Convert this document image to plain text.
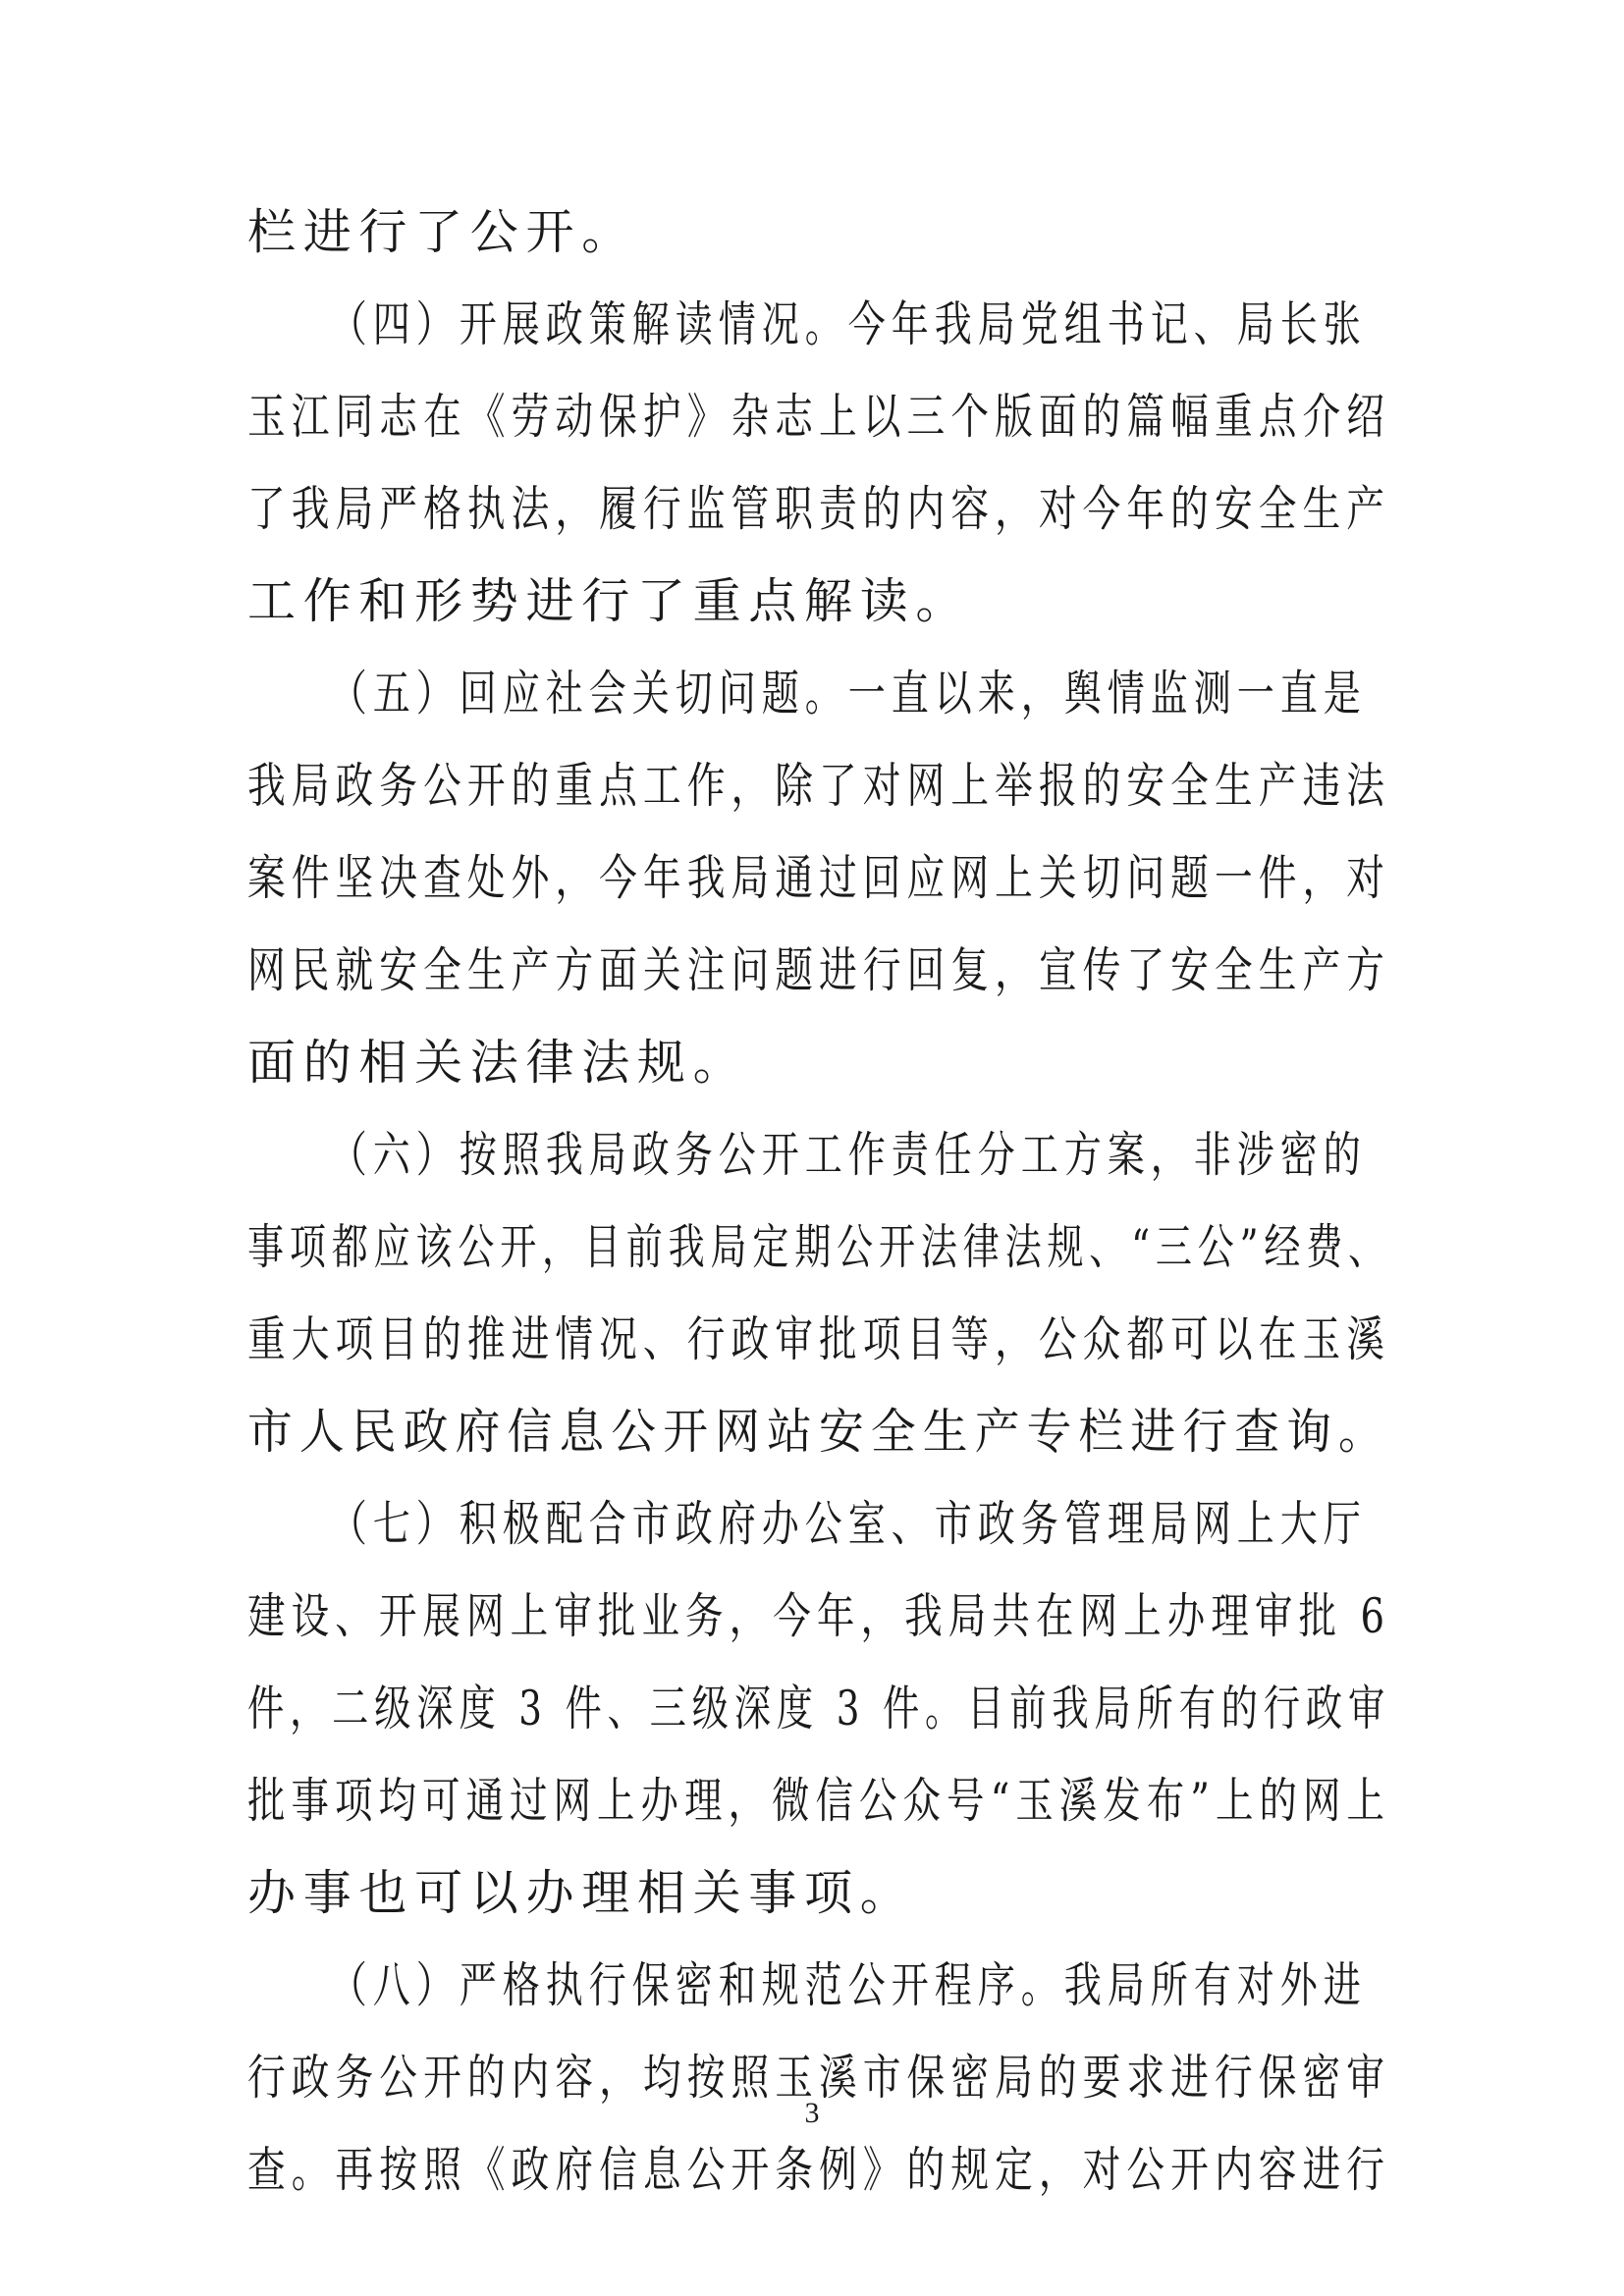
栏进行了公开。
（四）开展政策解读情况。今年我局党组书记、局长张
玉江同志在《劳动保护》杂志上以三个版面的篇幅重点介绍
了我局严格执法，履行监管职责的内容，对今年的安全生产
工作和形势进行了重点解读。
（五）回应社会关切问题。一直以来，舆情监测一直是
我局政务公开的重点工作，除了对网上举报的安全生产违法
案件坚决查处外，今年我局通过回应网上关切问题一件，对
网民就安全生产方面关注问题进行回复，宣传了安全生产方
面的相关法律法规。
（六）按照我局政务公开工作责任分工方案，非涉密的
事项都应该公开，目前我局定期公开法律法规、“三公”经费、
重大项目的推进情况、行政审批项目等，公众都可以在玉溪
市人民政府信息公开网站安全生产专栏进行查询。
（七）积极配合市政府办公室、市政务管理局网上大厅
建设、开展网上审批业务，今年，我局共在网上办理审批 6
件，二级深度 3 件、三级深度 3 件。目前我局所有的行政审
批事项均可通过网上办理，微信公众号“玉溪发布”上的网上
办事也可以办理相关事项。
（八）严格执行保密和规范公开程序。我局所有对外进
行政务公开的内容，均按照玉溪市保密局的要求进行保密审
查。再按照《政府信息公开条例》的规定，对公开内容进行
3
